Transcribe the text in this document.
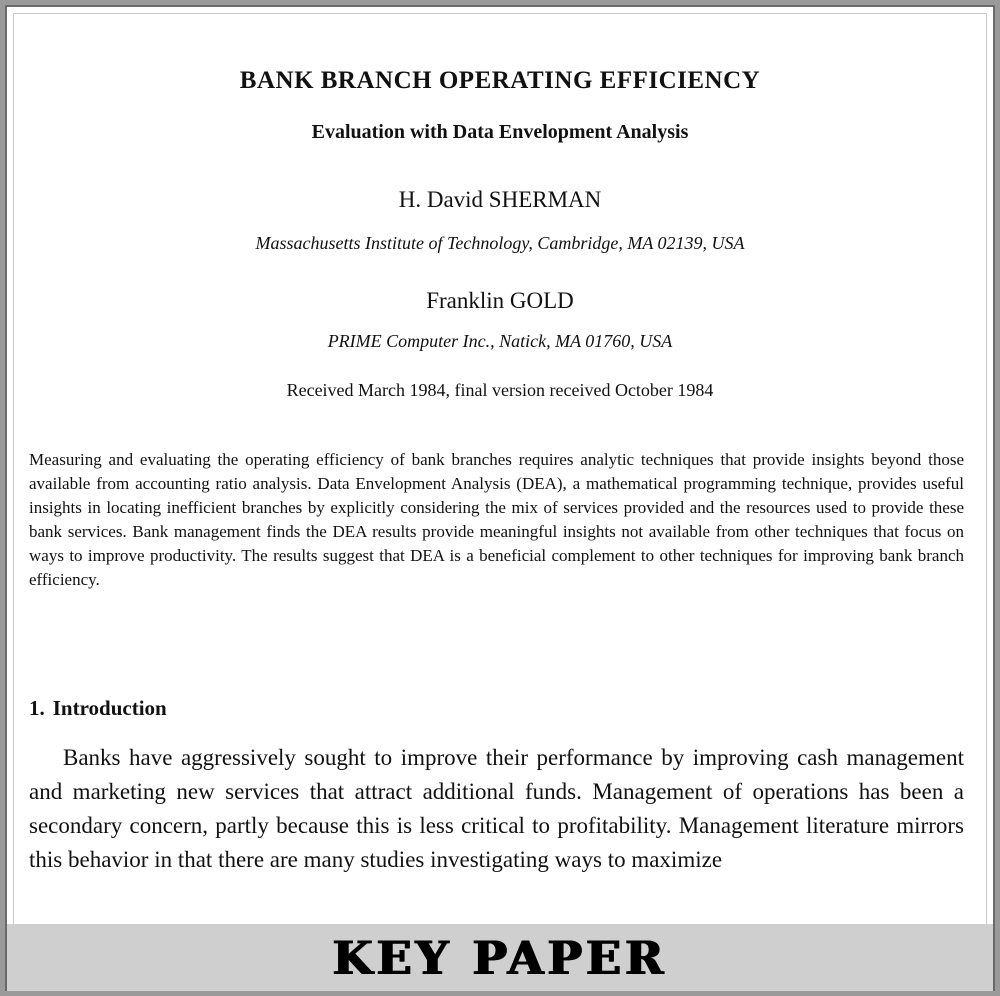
BANK BRANCH OPERATING EFFICIENCY
Evaluation with Data Envelopment Analysis
H. David SHERMAN
Massachusetts Institute of Technology, Cambridge, MA 02139, USA
Franklin GOLD
PRIME Computer Inc., Natick, MA 01760, USA
Received March 1984, final version received October 1984

Measuring and evaluating the operating efficiency of bank branches requires analytic techniques that provide insights beyond those available from accounting ratio analysis. Data Envelopment Analysis (DEA), a mathematical programming technique, provides useful insights in locating inefficient branches by explicitly considering the mix of services provided and the resources used to provide these bank services. Bank management finds the DEA results provide meaningful insights not available from other techniques that focus on ways to improve productivity. The results suggest that DEA is a beneficial complement to other techniques for improving bank branch efficiency.

1. Introduction

Banks have aggressively sought to improve their performance by improving cash management and marketing new services that attract additional funds. Management of operations has been a secondary concern, partly because this is less critical to profitability. Management literature mirrors this behavior in that there are many studies investigating ways to maximize

KEY PAPER
